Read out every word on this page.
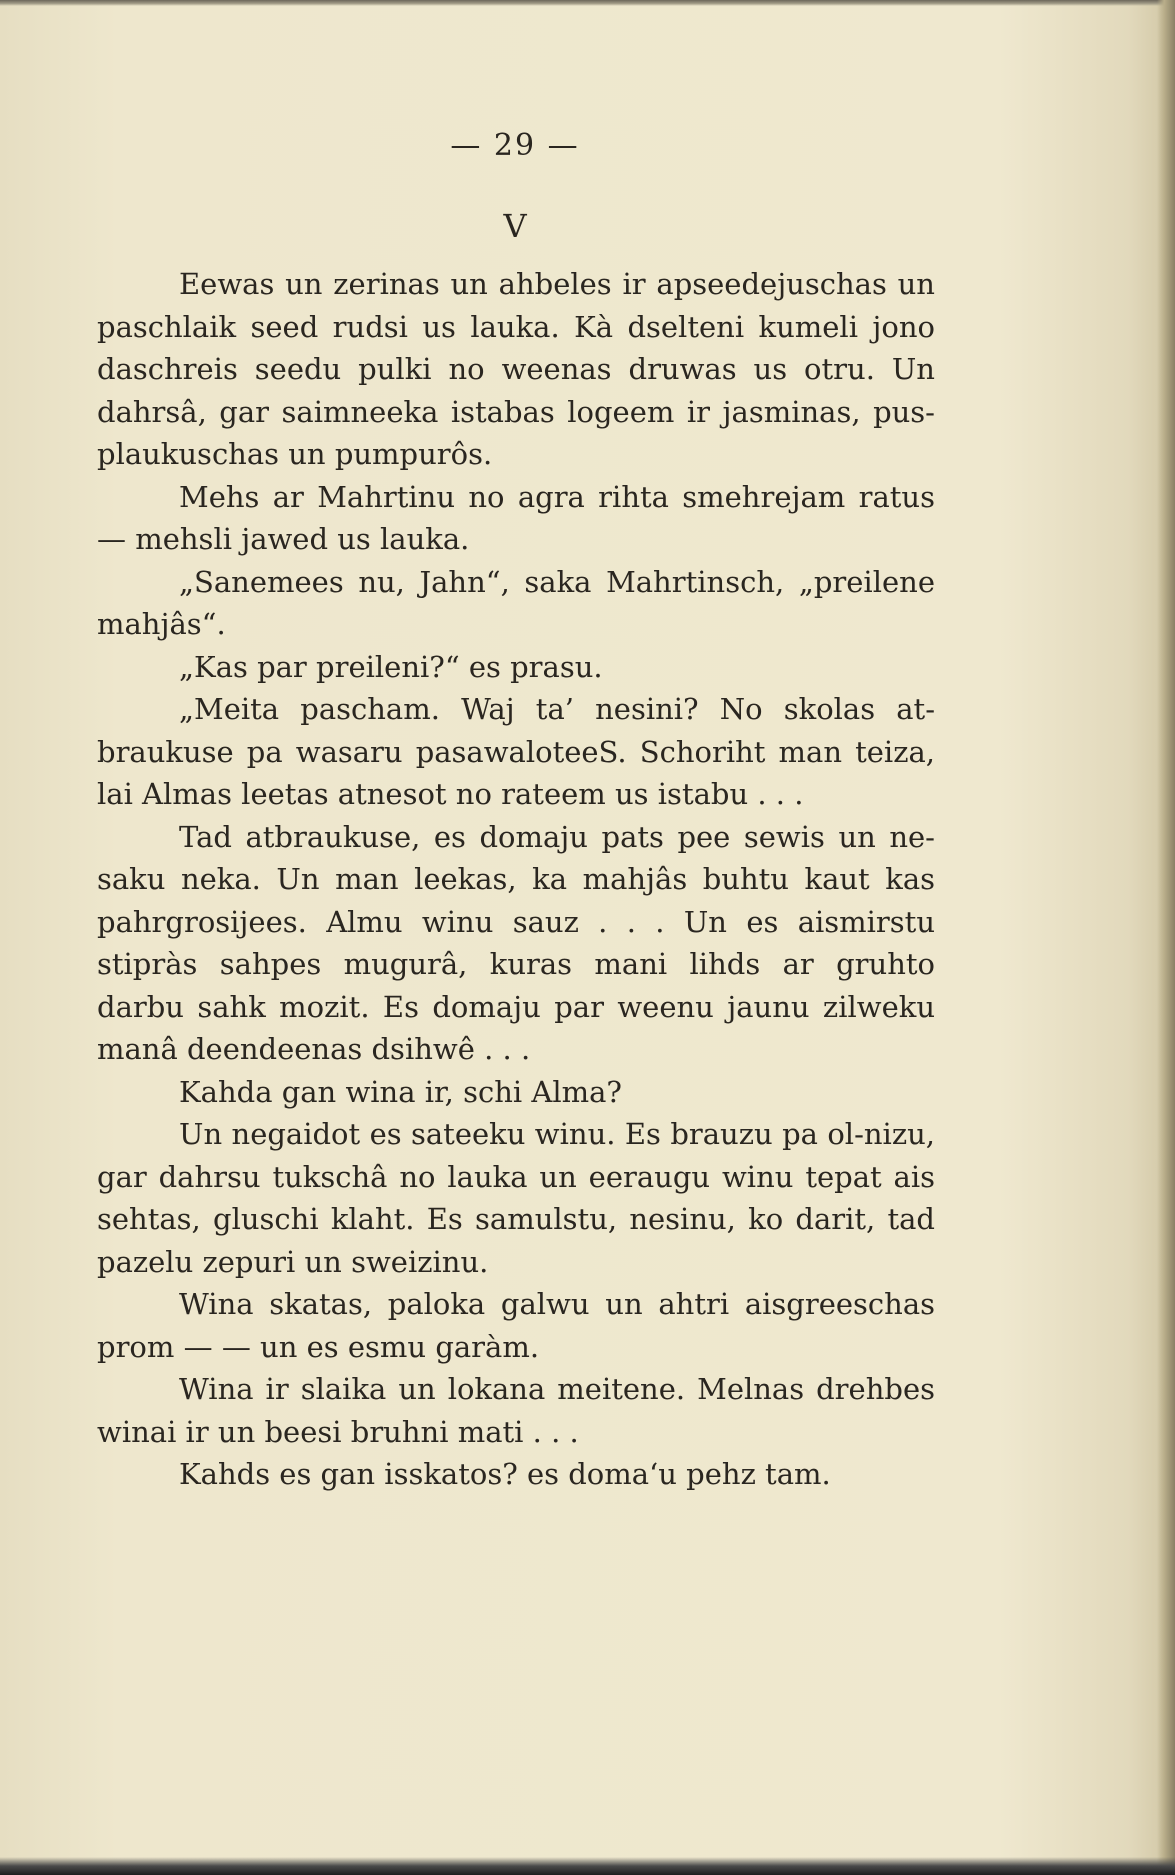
— 29 —
V

Eewas un zerinas un ahbeles ir apseedejuschas un paschlaik seed rudsi us lauka. Kà dselteni kumeli jono daschreis seedu pulki no weenas druwas us otru. Un dahrsâ, gar saimneeka istabas logeem ir jasminas, pus-plaukuschas un pumpurôs.

Mehs ar Mahrtinu no agra rihta smehrejam ratus — mehsli jawed us lauka.

„Sanemees nu, Jahn“, saka Mahrtinsch, „preilene mahjâs“.

„Kas par preileni?“ es prasu.

„Meita pascham. Waj ta’ nesini? No skolas at-braukuse pa wasaru pasawaloteeS. Schoriht man teiza, lai Almas leetas atnesot no rateem us istabu . . .

Tad atbraukuse, es domaju pats pee sewis un ne-saku neka. Un man leekas, ka mahjâs buhtu kaut kas pahrgrosijees. Almu winu sauz . . . Un es aismirstu stipràs sahpes mugurâ, kuras mani lihds ar gruhto darbu sahk mozit. Es domaju par weenu jaunu zilweku manâ deendeenas dsihwê . . .

Kahda gan wina ir, schi Alma?

Un negaidot es sateeku winu. Es brauzu pa ol-nizu, gar dahrsu tukschâ no lauka un eeraugu winu tepat ais sehtas, gluschi klaht. Es samulstu, nesinu, ko darit, tad pazelu zepuri un sweizinu.

Wina skatas, paloka galwu un ahtri aisgreeschas prom — — un es esmu garàm.

Wina ir slaika un lokana meitene. Melnas drehbes winai ir un beesi bruhni mati . . .

Kahds es gan isskatos? es doma‘u pehz tam.
